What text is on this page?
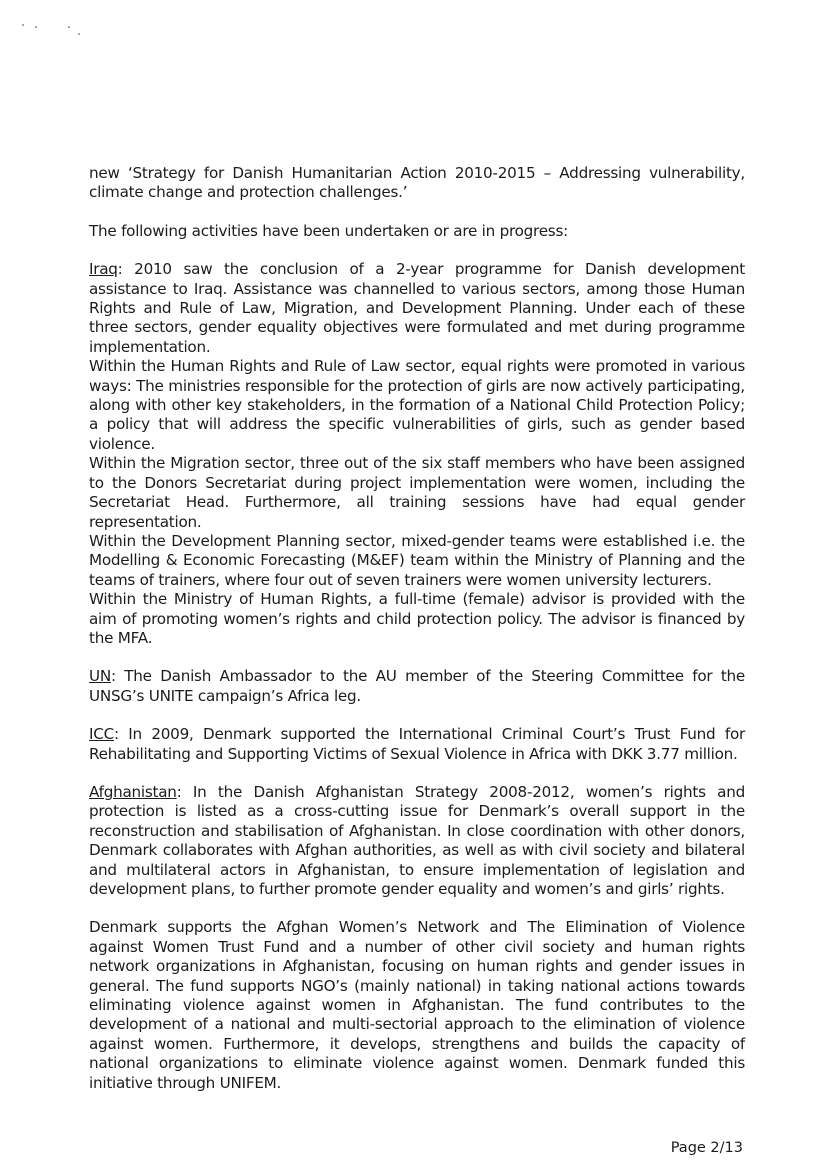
new ‘Strategy for Danish Humanitarian Action 2010-2015 – Addressing vulnerability, climate change and protection challenges.’

The following activities have been undertaken or are in progress:

Iraq: 2010 saw the conclusion of a 2-year programme for Danish development assistance to Iraq. Assistance was channelled to various sectors, among those Human Rights and Rule of Law, Migration, and Development Planning. Under each of these three sectors, gender equality objectives were formulated and met during programme implementation.

Within the Human Rights and Rule of Law sector, equal rights were promoted in various ways: The ministries responsible for the protection of girls are now actively participating, along with other key stakeholders, in the formation of a National Child Protection Policy; a policy that will address the specific vulnerabilities of girls, such as gender based violence.

Within the Migration sector, three out of the six staff members who have been assigned to the Donors Secretariat during project implementation were women, including the Secretariat Head. Furthermore, all training sessions have had equal gender representation.

Within the Development Planning sector, mixed-gender teams were established i.e. the Modelling & Economic Forecasting (M&EF) team within the Ministry of Planning and the teams of trainers, where four out of seven trainers were women university lecturers.

Within the Ministry of Human Rights, a full-time (female) advisor is provided with the aim of promoting women’s rights and child protection policy. The advisor is financed by the MFA.

UN: The Danish Ambassador to the AU member of the Steering Committee for the UNSG’s UNITE campaign’s Africa leg.

ICC: In 2009, Denmark supported the International Criminal Court’s Trust Fund for Rehabilitating and Supporting Victims of Sexual Violence in Africa with DKK 3.77 million.

Afghanistan: In the Danish Afghanistan Strategy 2008-2012, women’s rights and protection is listed as a cross-cutting issue for Denmark’s overall support in the reconstruction and stabilisation of Afghanistan. In close coordination with other donors, Denmark collaborates with Afghan authorities, as well as with civil society and bilateral and multilateral actors in Afghanistan, to ensure implementation of legislation and development plans, to further promote gender equality and women’s and girls’ rights.

Denmark supports the Afghan Women’s Network and The Elimination of Violence against Women Trust Fund and a number of other civil society and human rights network organizations in Afghanistan, focusing on human rights and gender issues in general. The fund supports NGO’s (mainly national) in taking national actions towards eliminating violence against women in Afghanistan. The fund contributes to the development of a national and multi-sectorial approach to the elimination of violence against women. Furthermore, it develops, strengthens and builds the capacity of national organizations to eliminate violence against women. Denmark funded this initiative through UNIFEM.

Page 2/13
